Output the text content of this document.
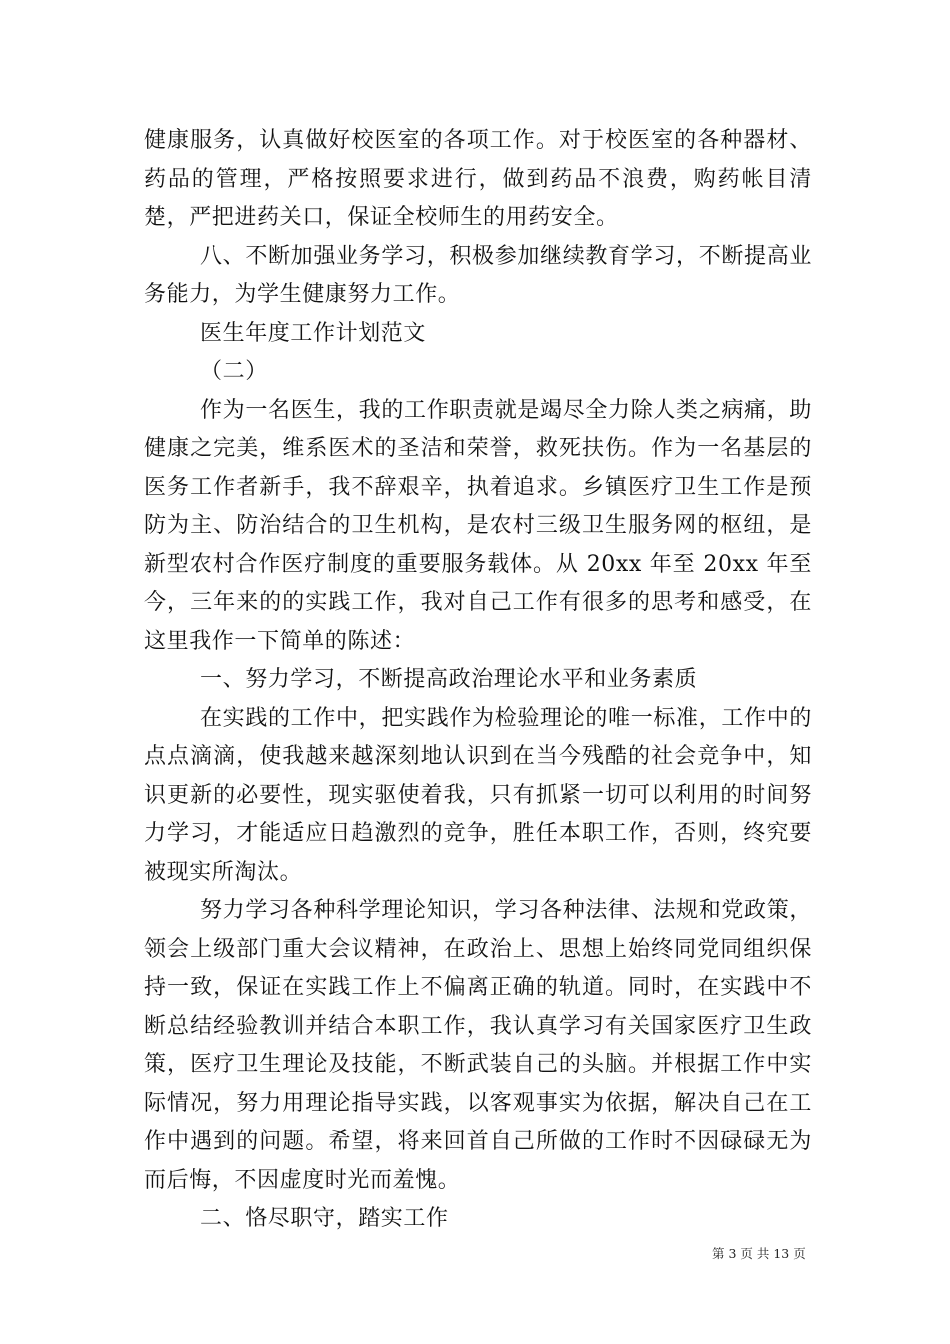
健康服务，认真做好校医室的各项工作。对于校医室的各种器材、药品的管理，严格按照要求进行，做到药品不浪费，购药帐目清楚，严把进药关口，保证全校师生的用药安全。

八、不断加强业务学习，积极参加继续教育学习，不断提高业务能力，为学生健康努力工作。

医生年度工作计划范文

（二）

作为一名医生，我的工作职责就是竭尽全力除人类之病痛，助健康之完美，维系医术的圣洁和荣誉，救死扶伤。作为一名基层的医务工作者新手，我不辞艰辛，执着追求。乡镇医疗卫生工作是预防为主、防治结合的卫生机构，是农村三级卫生服务网的枢纽，是新型农村合作医疗制度的重要服务载体。从 20xx 年至 20xx 年至今，三年来的的实践工作，我对自己工作有很多的思考和感受，在这里我作一下简单的陈述：

一、努力学习，不断提高政治理论水平和业务素质

在实践的工作中，把实践作为检验理论的唯一标准，工作中的点点滴滴，使我越来越深刻地认识到在当今残酷的社会竞争中，知识更新的必要性，现实驱使着我，只有抓紧一切可以利用的时间努力学习，才能适应日趋激烈的竞争，胜任本职工作，否则，终究要被现实所淘汰。

努力学习各种科学理论知识，学习各种法律、法规和党政策，领会上级部门重大会议精神，在政治上、思想上始终同党同组织保持一致，保证在实践工作上不偏离正确的轨道。同时，在实践中不断总结经验教训并结合本职工作，我认真学习有关国家医疗卫生政策，医疗卫生理论及技能，不断武装自己的头脑。并根据工作中实际情况，努力用理论指导实践，以客观事实为依据，解决自己在工作中遇到的问题。希望，将来回首自己所做的工作时不因碌碌无为而后悔，不因虚度时光而羞愧。

二、恪尽职守，踏实工作

第 3 页 共 13 页
